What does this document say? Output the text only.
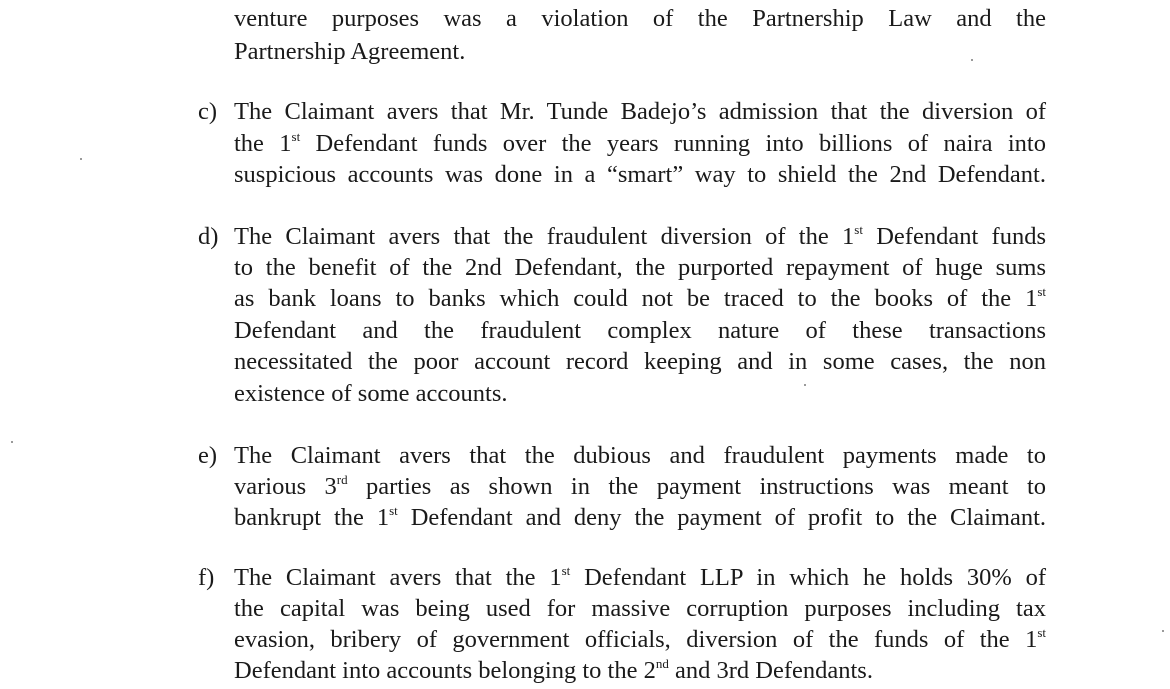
venture purposes was a violation of the Partnership Law and the
Partnership Agreement.
c) The Claimant avers that Mr. Tunde Badejo’s admission that the diversion of
the 1st Defendant funds over the years running into billions of naira into
suspicious accounts was done in a “smart” way to shield the 2nd Defendant.
d) The Claimant avers that the fraudulent diversion of the 1st Defendant funds
to the benefit of the 2nd Defendant, the purported repayment of huge sums
as bank loans to banks which could not be traced to the books of the 1st
Defendant and the fraudulent complex nature of these transactions
necessitated the poor account record keeping and in some cases, the non
existence of some accounts.
e) The Claimant avers that the dubious and fraudulent payments made to
various 3rd parties as shown in the payment instructions was meant to
bankrupt the 1st Defendant and deny the payment of profit to the Claimant.
f) The Claimant avers that the 1st Defendant LLP in which he holds 30% of
the capital was being used for massive corruption purposes including tax
evasion, bribery of government officials, diversion of the funds of the 1st
Defendant into accounts belonging to the 2nd and 3rd Defendants.
